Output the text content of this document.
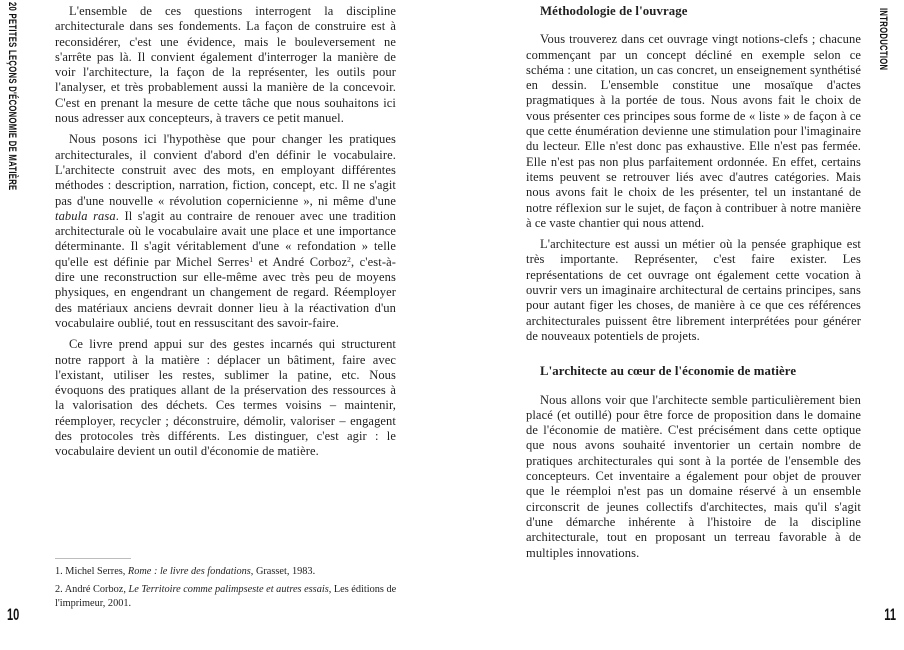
20 PETITES LEÇONS D'ÉCONOMIE DE MATIÈRE	INTRODUCTION

L'ensemble de ces questions interrogent la discipline architecturale dans ses fondements. La façon de construire est à reconsidérer, c'est une évidence, mais le bouleversement ne s'arrête pas là. Il convient également d'interroger la manière de voir l'architecture, la façon de la représenter, les outils pour l'analyser, et très probablement aussi la manière de la concevoir. C'est en prenant la mesure de cette tâche que nous souhaitons ici nous adresser aux concepteurs, à travers ce petit manuel.

Nous posons ici l'hypothèse que pour changer les pratiques architecturales, il convient d'abord d'en définir le vocabulaire. L'architecte construit avec des mots, en employant différentes méthodes : description, narration, fiction, concept, etc. Il ne s'agit pas d'une nouvelle « révolution copernicienne », ni même d'une tabula rasa. Il s'agit au contraire de renouer avec une tradition architecturale où le vocabulaire avait une place et une importance déterminante. Il s'agit véritablement d'une « refondation » telle qu'elle est définie par Michel Serres$^1$ et André Corboz$^2$, c'est-à-dire une reconstruction sur elle-même avec très peu de moyens physiques, en engendrant un changement de regard. Réemployer des matériaux anciens devrait donner lieu à la réactivation d'un vocabulaire oublié, tout en ressuscitant des savoir-faire.

Ce livre prend appui sur des gestes incarnés qui structurent notre rapport à la matière : déplacer un bâtiment, faire avec l'existant, utiliser les restes, sublimer la patine, etc. Nous évoquons des pratiques allant de la préservation des ressources à la valorisation des déchets. Ces termes voisins – maintenir, réemployer, recycler ; déconstruire, démolir, valoriser – engagent des protocoles très différents. Les distinguer, c'est agir : le vocabulaire devient un outil d'économie de matière.

1. Michel Serres, Rome : le livre des fondations, Grasset, 1983.

2. André Corboz, Le Territoire comme palimpseste et autres essais, Les éditions de l'imprimeur, 2001.

Méthodologie de l'ouvrage

Vous trouverez dans cet ouvrage vingt notions-clefs ; chacune commençant par un concept décliné en exemple selon ce schéma : une citation, un cas concret, un enseignement synthétisé en dessin. L'ensemble constitue une mosaïque d'actes pragmatiques à la portée de tous. Nous avons fait le choix de vous présenter ces principes sous forme de « liste » de façon à ce que cette énumération devienne une stimulation pour l'imaginaire du lecteur. Elle n'est donc pas exhaustive. Elle n'est pas fermée. Elle n'est pas non plus parfaitement ordonnée. En effet, certains items peuvent se retrouver liés avec d'autres catégories. Mais nous avons fait le choix de les présenter, tel un instantané de notre réflexion sur le sujet, de façon à contribuer à notre manière à ce vaste chantier qui nous attend.

L'architecture est aussi un métier où la pensée graphique est très importante. Représenter, c'est faire exister. Les représentations de cet ouvrage ont également cette vocation à ouvrir vers un imaginaire architectural de certains principes, sans pour autant figer les choses, de manière à ce que ces références architecturales puissent être librement interprétées pour générer de nouveaux potentiels de projets.

L'architecte au cœur de l'économie de matière

Nous allons voir que l'architecte semble particulièrement bien placé (et outillé) pour être force de proposition dans le domaine de l'économie de matière. C'est précisément dans cette optique que nous avons souhaité inventorier un certain nombre de pratiques architecturales qui sont à la portée de l'ensemble des concepteurs. Cet inventaire a également pour objet de prouver que le réemploi n'est pas un domaine réservé à un ensemble circonscrit de jeunes collectifs d'architectes, mais qu'il s'agit d'une démarche inhérente à l'histoire de la discipline architecturale, tout en proposant un terreau favorable à de multiples innovations.

10	11
